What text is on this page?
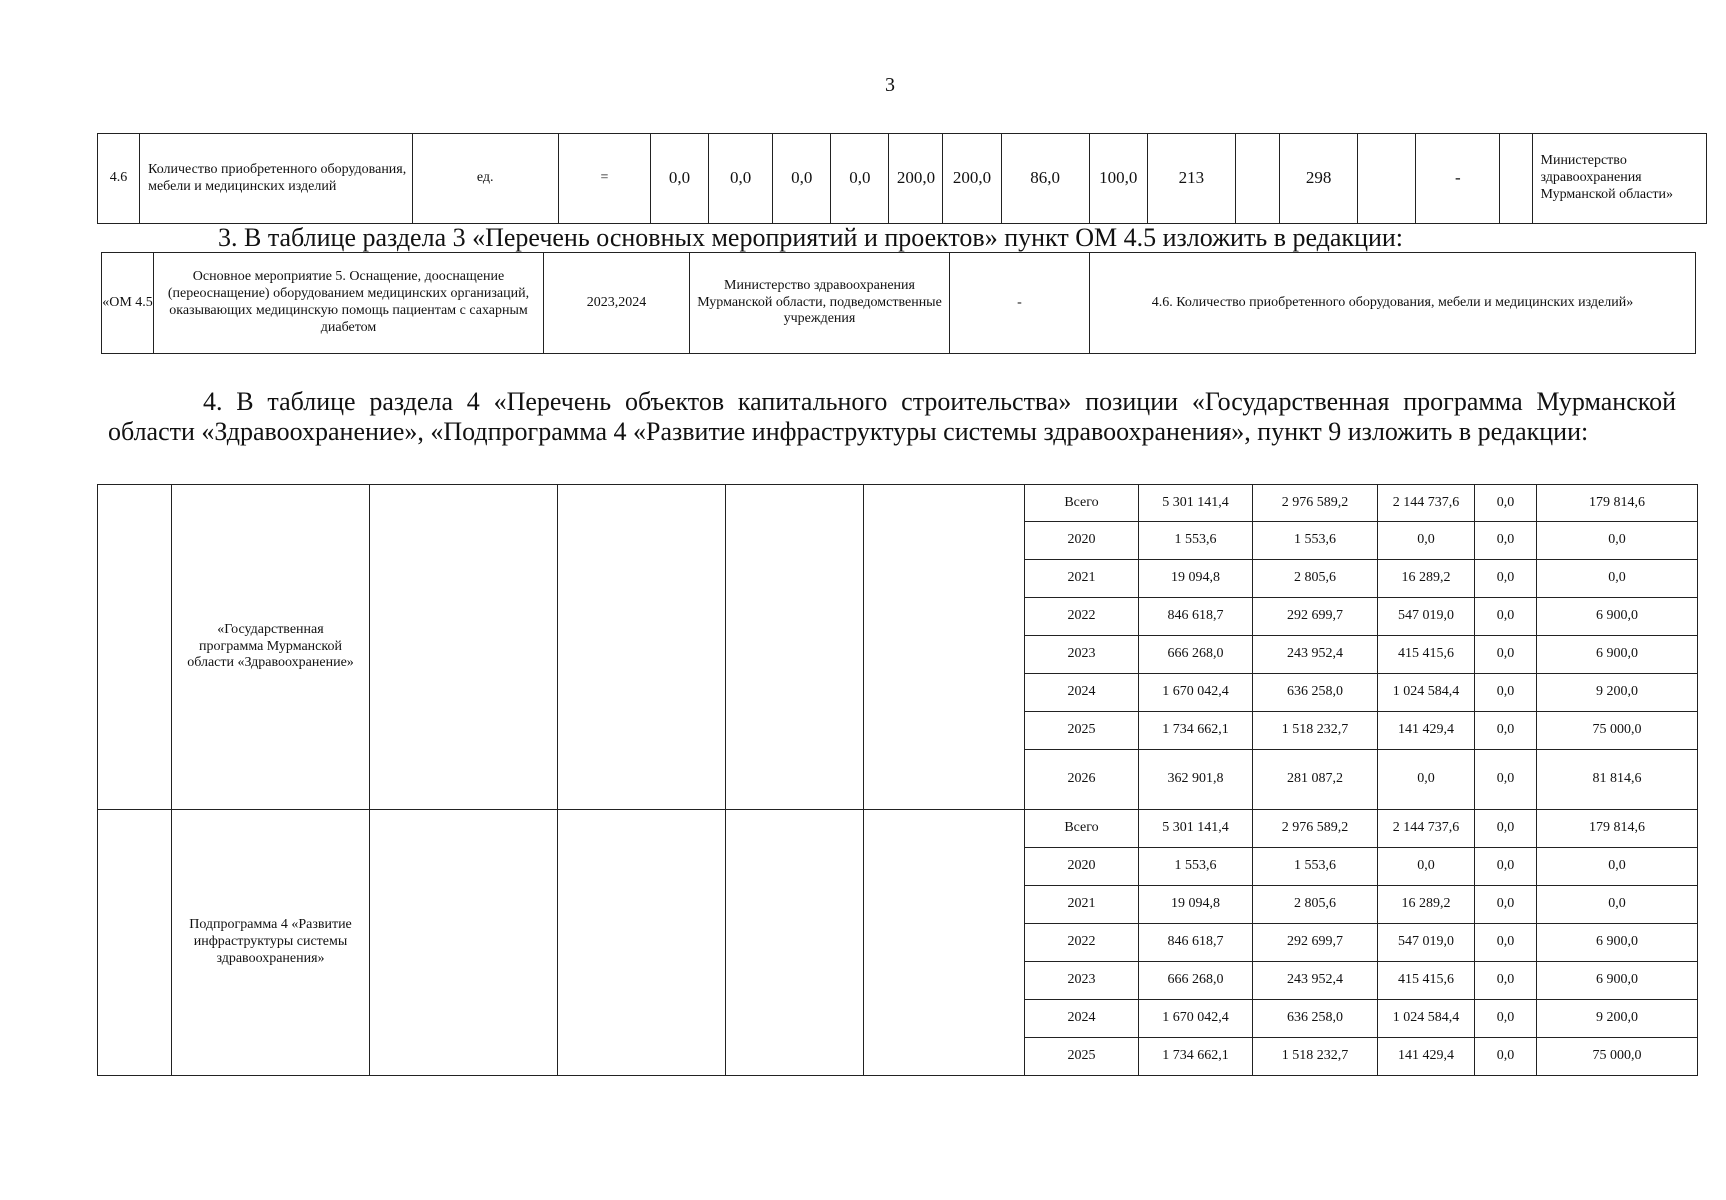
3
4.6	Количество приобретенного оборудования, мебели и медицинских изделий	ед.	=	0,0	0,0	0,0	0,0	200,0	200,0	86,0	100,0	213		298		-		Министерство здравоохранения Мурманской области»
3. В таблице раздела 3 «Перечень основных мероприятий и проектов» пункт ОМ 4.5 изложить в редакции:
«ОМ 4.5	Основное мероприятие 5. Оснащение, дооснащение (переоснащение) оборудованием медицинских организаций, оказывающих медицинскую помощь пациентам с сахарным диабетом	2023,2024	Министерство здравоохранения Мурманской области, подведомственные учреждения	-	4.6. Количество приобретенного оборудования, мебели и медицинских изделий»
4. В таблице раздела 4 «Перечень объектов капитального строительства» позиции «Государственная программа Мурманской области «Здравоохранение», «Подпрограмма 4 «Развитие инфраструктуры системы здравоохранения», пункт 9 изложить в редакции:
	«Государственная программа Мурманской области «Здравоохранение»					Всего	5 301 141,4	2 976 589,2	2 144 737,6	0,0	179 814,6
						2020	1 553,6	1 553,6	0,0	0,0	0,0
						2021	19 094,8	2 805,6	16 289,2	0,0	0,0
						2022	846 618,7	292 699,7	547 019,0	0,0	6 900,0
						2023	666 268,0	243 952,4	415 415,6	0,0	6 900,0
						2024	1 670 042,4	636 258,0	1 024 584,4	0,0	9 200,0
						2025	1 734 662,1	1 518 232,7	141 429,4	0,0	75 000,0
						2026	362 901,8	281 087,2	0,0	0,0	81 814,6
	Подпрограмма 4 «Развитие инфраструктуры системы здравоохранения»					Всего	5 301 141,4	2 976 589,2	2 144 737,6	0,0	179 814,6
						2020	1 553,6	1 553,6	0,0	0,0	0,0
						2021	19 094,8	2 805,6	16 289,2	0,0	0,0
						2022	846 618,7	292 699,7	547 019,0	0,0	6 900,0
						2023	666 268,0	243 952,4	415 415,6	0,0	6 900,0
						2024	1 670 042,4	636 258,0	1 024 584,4	0,0	9 200,0
						2025	1 734 662,1	1 518 232,7	141 429,4	0,0	75 000,0
